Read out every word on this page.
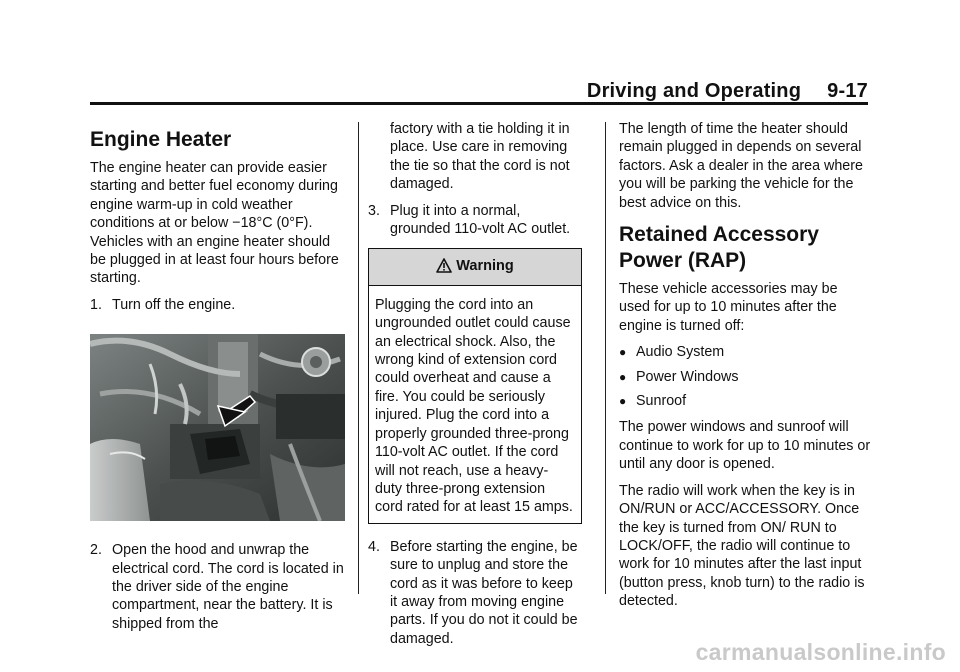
Driving and Operating 9-17
Engine Heater

The engine heater can provide easier starting and better fuel economy during engine warm-up in cold weather conditions at or below −18°C (0°F). Vehicles with an engine heater should be plugged in at least four hours before starting.

1. Turn off the engine.
2. Open the hood and unwrap the electrical cord. The cord is located in the driver side of the engine compartment, near the battery. It is shipped from the

factory with a tie holding it in place. Use care in removing the tie so that the cord is not damaged.

3. Plug it into a normal, grounded 110-volt AC outlet.
Warning
Plugging the cord into an ungrounded outlet could cause an electrical shock. Also, the wrong kind of extension cord could overheat and cause a fire. You could be seriously injured. Plug the cord into a properly grounded three-prong 110-volt AC outlet. If the cord will not reach, use a heavy-duty three-prong extension cord rated for at least 15 amps.
4. Before starting the engine, be sure to unplug and store the cord as it was before to keep it away from moving engine parts. If you do not it could be damaged.

The length of time the heater should remain plugged in depends on several factors. Ask a dealer in the area where you will be parking the vehicle for the best advice on this.

Retained Accessory Power (RAP)

These vehicle accessories may be used for up to 10 minutes after the engine is turned off:

● Audio System
● Power Windows
● Sunroof

The power windows and sunroof will continue to work for up to 10 minutes or until any door is opened.

The radio will work when the key is in ON/RUN or ACC/ACCESSORY. Once the key is turned from ON/ RUN to LOCK/OFF, the radio will continue to work for 10 minutes after the last input (button press, knob turn) to the radio is detected.

carmanualsonline.info
